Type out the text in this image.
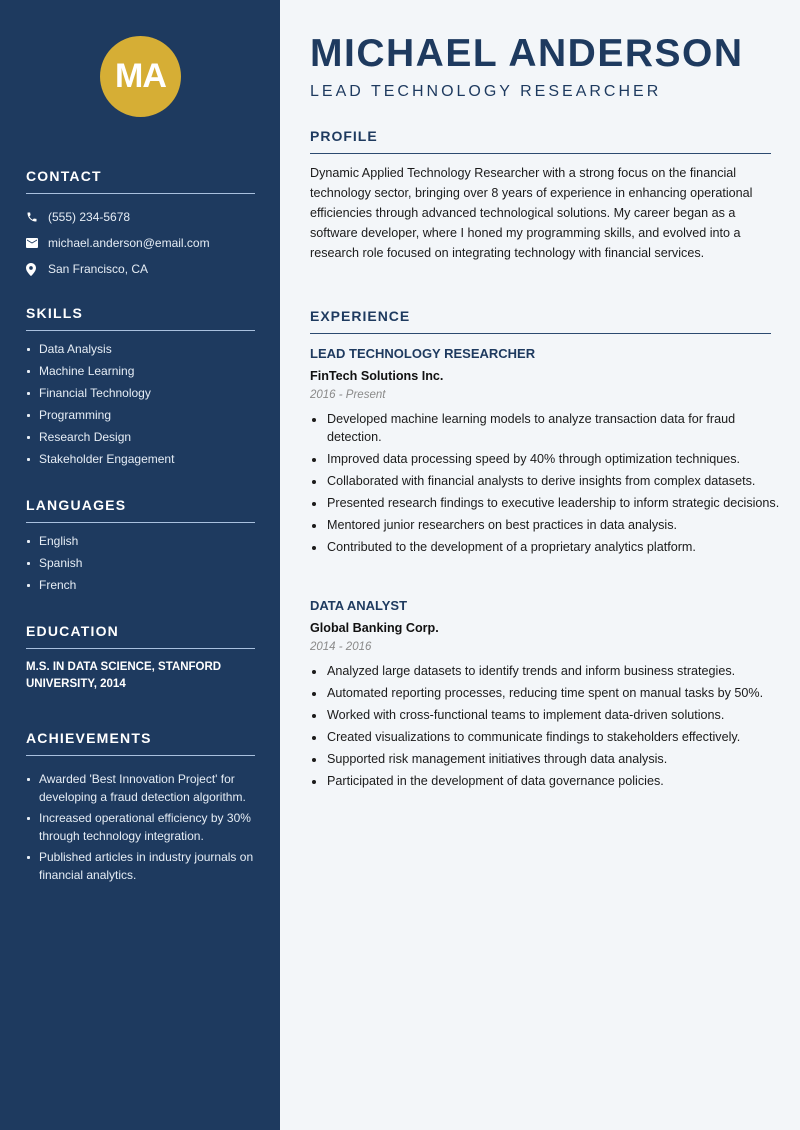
MA
CONTACT
(555) 234-5678
michael.anderson@email.com
San Francisco, CA
SKILLS
Data Analysis
Machine Learning
Financial Technology
Programming
Research Design
Stakeholder Engagement
LANGUAGES
English
Spanish
French
EDUCATION

M.S. IN DATA SCIENCE, STANFORD UNIVERSITY, 2014

ACHIEVEMENTS
Awarded 'Best Innovation Project' for developing a fraud detection algorithm.
Increased operational efficiency by 30% through technology integration.
Published articles in industry journals on financial analytics.
MICHAEL ANDERSON
LEAD TECHNOLOGY RESEARCHER
PROFILE

Dynamic Applied Technology Researcher with a strong focus on the financial technology sector, bringing over 8 years of experience in enhancing operational efficiencies through advanced technological solutions. My career began as a software developer, where I honed my programming skills, and evolved into a research role focused on integrating technology with financial services.

EXPERIENCE
LEAD TECHNOLOGY RESEARCHER
FinTech Solutions Inc.
2016 - Present
Developed machine learning models to analyze transaction data for fraud detection.
Improved data processing speed by 40% through optimization techniques.
Collaborated with financial analysts to derive insights from complex datasets.
Presented research findings to executive leadership to inform strategic decisions.
Mentored junior researchers on best practices in data analysis.
Contributed to the development of a proprietary analytics platform.
DATA ANALYST
Global Banking Corp.
2014 - 2016
Analyzed large datasets to identify trends and inform business strategies.
Automated reporting processes, reducing time spent on manual tasks by 50%.
Worked with cross-functional teams to implement data-driven solutions.
Created visualizations to communicate findings to stakeholders effectively.
Supported risk management initiatives through data analysis.
Participated in the development of data governance policies.
